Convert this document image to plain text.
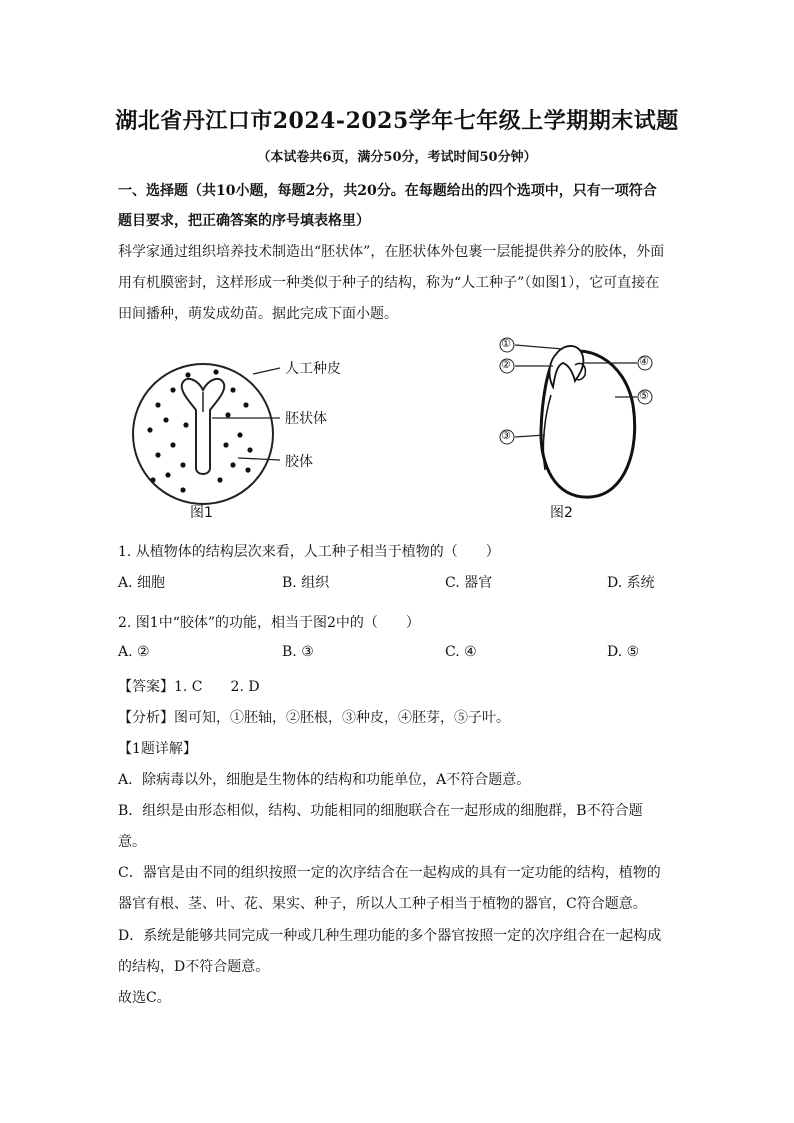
湖北省丹江口市2024-2025学年七年级上学期期末试题
（本试卷共6页，满分50分，考试时间50分钟）
一、选择题（共10小题，每题2分，共20分。在每题给出的四个选项中，只有一项符合
题目要求，把正确答案的序号填表格里）
科学家通过组织培养技术制造出“胚状体”，在胚状体外包裹一层能提供养分的胶体，外面
用有机膜密封，这样形成一种类似于种子的结构，称为“人工种子”（如图1），它可直接在
田间播种，萌发成幼苗。据此完成下面小题。
人工种皮
胚状体
胶体
图1
①
②
③
④
⑤
图2
1. 从植物体的结构层次来看，人工种子相当于植物的（　　）
A. 细胞	B. 组织	C. 器官	D. 系统
2. 图1中“胶体”的功能，相当于图2中的（　　）
A. ②	B. ③	C. ④	D. ⑤
【答案】1. C 2. D
【分析】图可知，①胚轴，②胚根，③种皮，④胚芽，⑤子叶。
【1题详解】
A．除病毒以外，细胞是生物体的结构和功能单位，A不符合题意。
B．组织是由形态相似，结构、功能相同的细胞联合在一起形成的细胞群，B不符合题
意。
C．器官是由不同的组织按照一定的次序结合在一起构成的具有一定功能的结构，植物的
器官有根、茎、叶、花、果实、种子，所以人工种子相当于植物的器官，C符合题意。
D．系统是能够共同完成一种或几种生理功能的多个器官按照一定的次序组合在一起构成
的结构，D不符合题意。
故选C。
